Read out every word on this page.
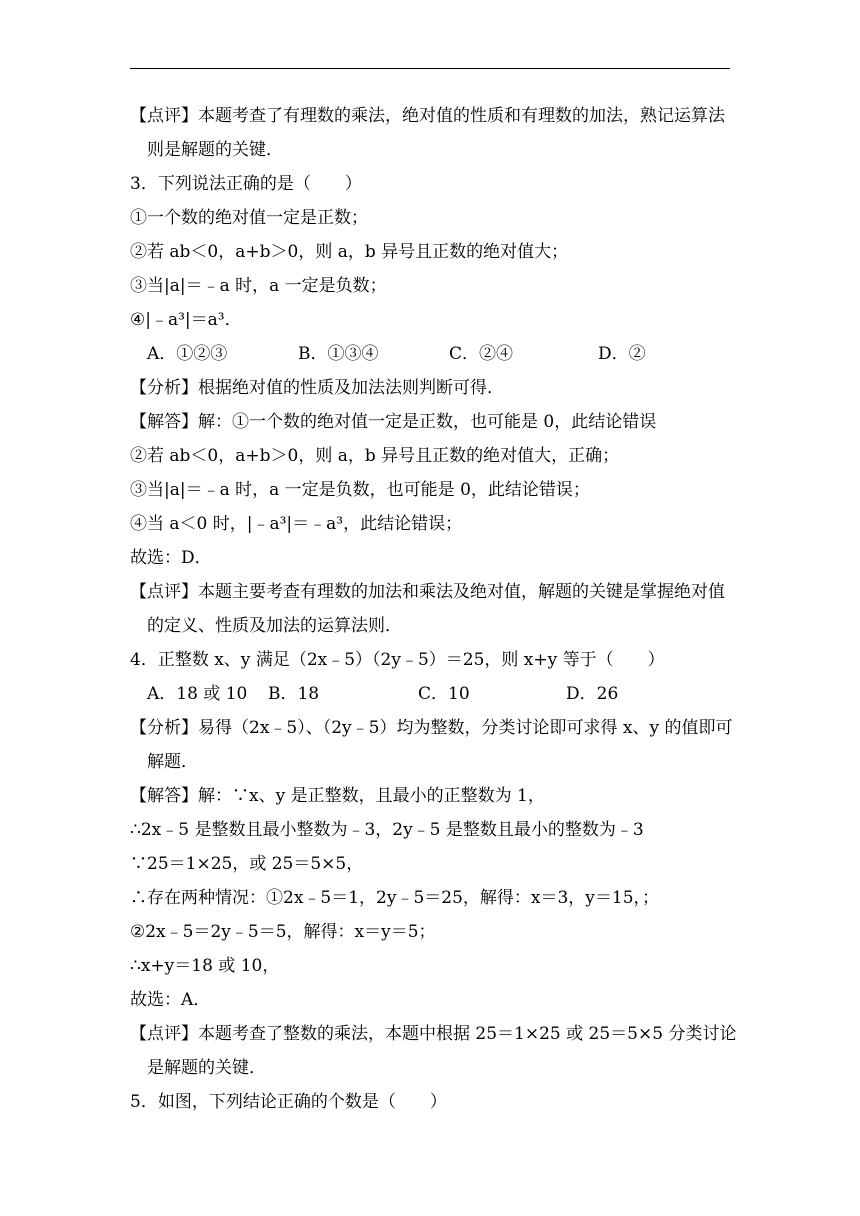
【点评】本题考查了有理数的乘法，绝对值的性质和有理数的加法，熟记运算法
则是解题的关键．
3．下列说法正确的是（　　）
①一个数的绝对值一定是正数；
②若 ab＜0，a+b＞0，则 a，b 异号且正数的绝对值大；
③当|a|＝﹣a 时，a 一定是负数；
④|﹣a³|＝a³．
A．①②③	B．①③④	C．②④	D．②
【分析】根据绝对值的性质及加法法则判断可得．
【解答】解：①一个数的绝对值一定是正数，也可能是 0，此结论错误
②若 ab＜0，a+b＞0，则 a，b 异号且正数的绝对值大，正确；
③当|a|＝﹣a 时，a 一定是负数，也可能是 0，此结论错误；
④当 a＜0 时，|﹣a³|＝﹣a³，此结论错误；
故选：D．
【点评】本题主要考查有理数的加法和乘法及绝对值，解题的关键是掌握绝对值
的定义、性质及加法的运算法则．
4．正整数 x、y 满足（2x﹣5）（2y﹣5）＝25，则 x+y 等于（　　）
A．18 或 10 B．18	C．10	D．26
【分析】易得（2x﹣5）、（2y﹣5）均为整数，分类讨论即可求得 x、y 的值即可
解题．
【解答】解：∵x、y 是正整数，且最小的正整数为 1，
∴2x﹣5 是整数且最小整数为﹣3，2y﹣5 是整数且最小的整数为﹣3
∵25＝1×25，或 25＝5×5，
∴存在两种情况：①2x﹣5＝1，2y﹣5＝25，解得：x＝3，y＝15，；
②2x﹣5＝2y﹣5＝5，解得：x＝y＝5；
∴x+y＝18 或 10，
故选：A．
【点评】本题考查了整数的乘法，本题中根据 25＝1×25 或 25＝5×5 分类讨论
是解题的关键．
5．如图，下列结论正确的个数是（　　）
